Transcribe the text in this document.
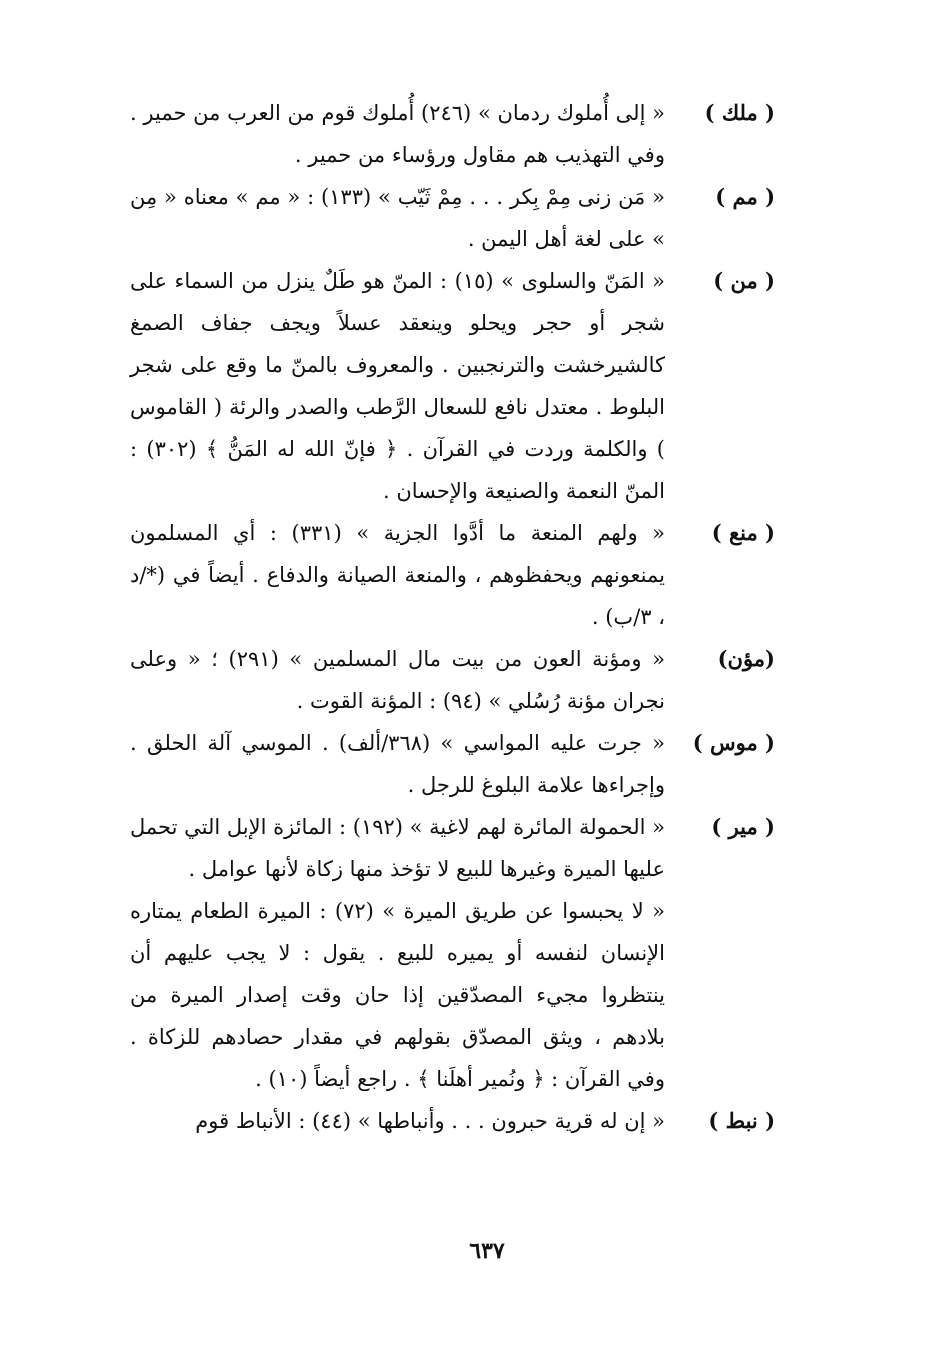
( ملك )

« إلى أُملوك ردمان » (٢٤٦) أُملوك قوم من العرب من حمير . وفي التهذيب هم مقاول ورؤساء من حمير .

( مم )

« مَن زنى مِمْ بِكر . . . مِمْ ثَيّب » (١٣٣) : « مم » معناه « مِن » على لغة أهل اليمن .

( من )

« المَنّ والسلوى » (١٥) : المنّ هو طَلٌ ينزل من السماء على شجر أو حجر ويحلو وينعقد عسلاً ويجف جفاف الصمغ كالشيرخشت والترنجبين . والمعروف بالمنّ ما وقع على شجر البلوط . معتدل نافع للسعال الرَّطب والصدر والرئة ( القاموس ) والكلمة وردت في القرآن . ﴿ فإنّ الله له المَنُّ ﴾ (٣٠٢) : المنّ النعمة والصنيعة والإحسان .

( منع )

« ولهم المنعة ما أدَّوا الجزية » (٣٣١) : أي المسلمون يمنعونهم ويحفظوهم ، والمنعة الصيانة والدفاع . أيضاً في (*/د ، ٣/ب) .

(مؤن)

« ومؤنة العون من بيت مال المسلمين » (٢٩١) ؛ « وعلى نجران مؤنة رُسُلي » (٩٤) : المؤنة القوت .

( موس )

« جرت عليه المواسي » (٣٦٨/ألف) . الموسي آلة الحلق . وإجراءها علامة البلوغ للرجل .

( مير )

« الحمولة المائرة لهم لاغية » (١٩٢) : المائزة الإبل التي تحمل عليها الميرة وغيرها للبيع لا تؤخذ منها زكاة لأنها عوامل .

« لا يحبسوا عن طريق الميرة » (٧٢) : الميرة الطعام يمتاره الإنسان لنفسه أو يميره للبيع . يقول : لا يجب عليهم أن ينتظروا مجيء المصدّقين إذا حان وقت إصدار الميرة من بلادهم ، ويثق المصدّق بقولهم في مقدار حصادهم للزكاة . وفي القرآن : ﴿ ونُمير أهلَنا ﴾ . راجع أيضاً (١٠) .

( نبط )

« إن له قرية حبرون . . . وأنباطها » (٤٤) : الأنباط قوم

٦٣٧
